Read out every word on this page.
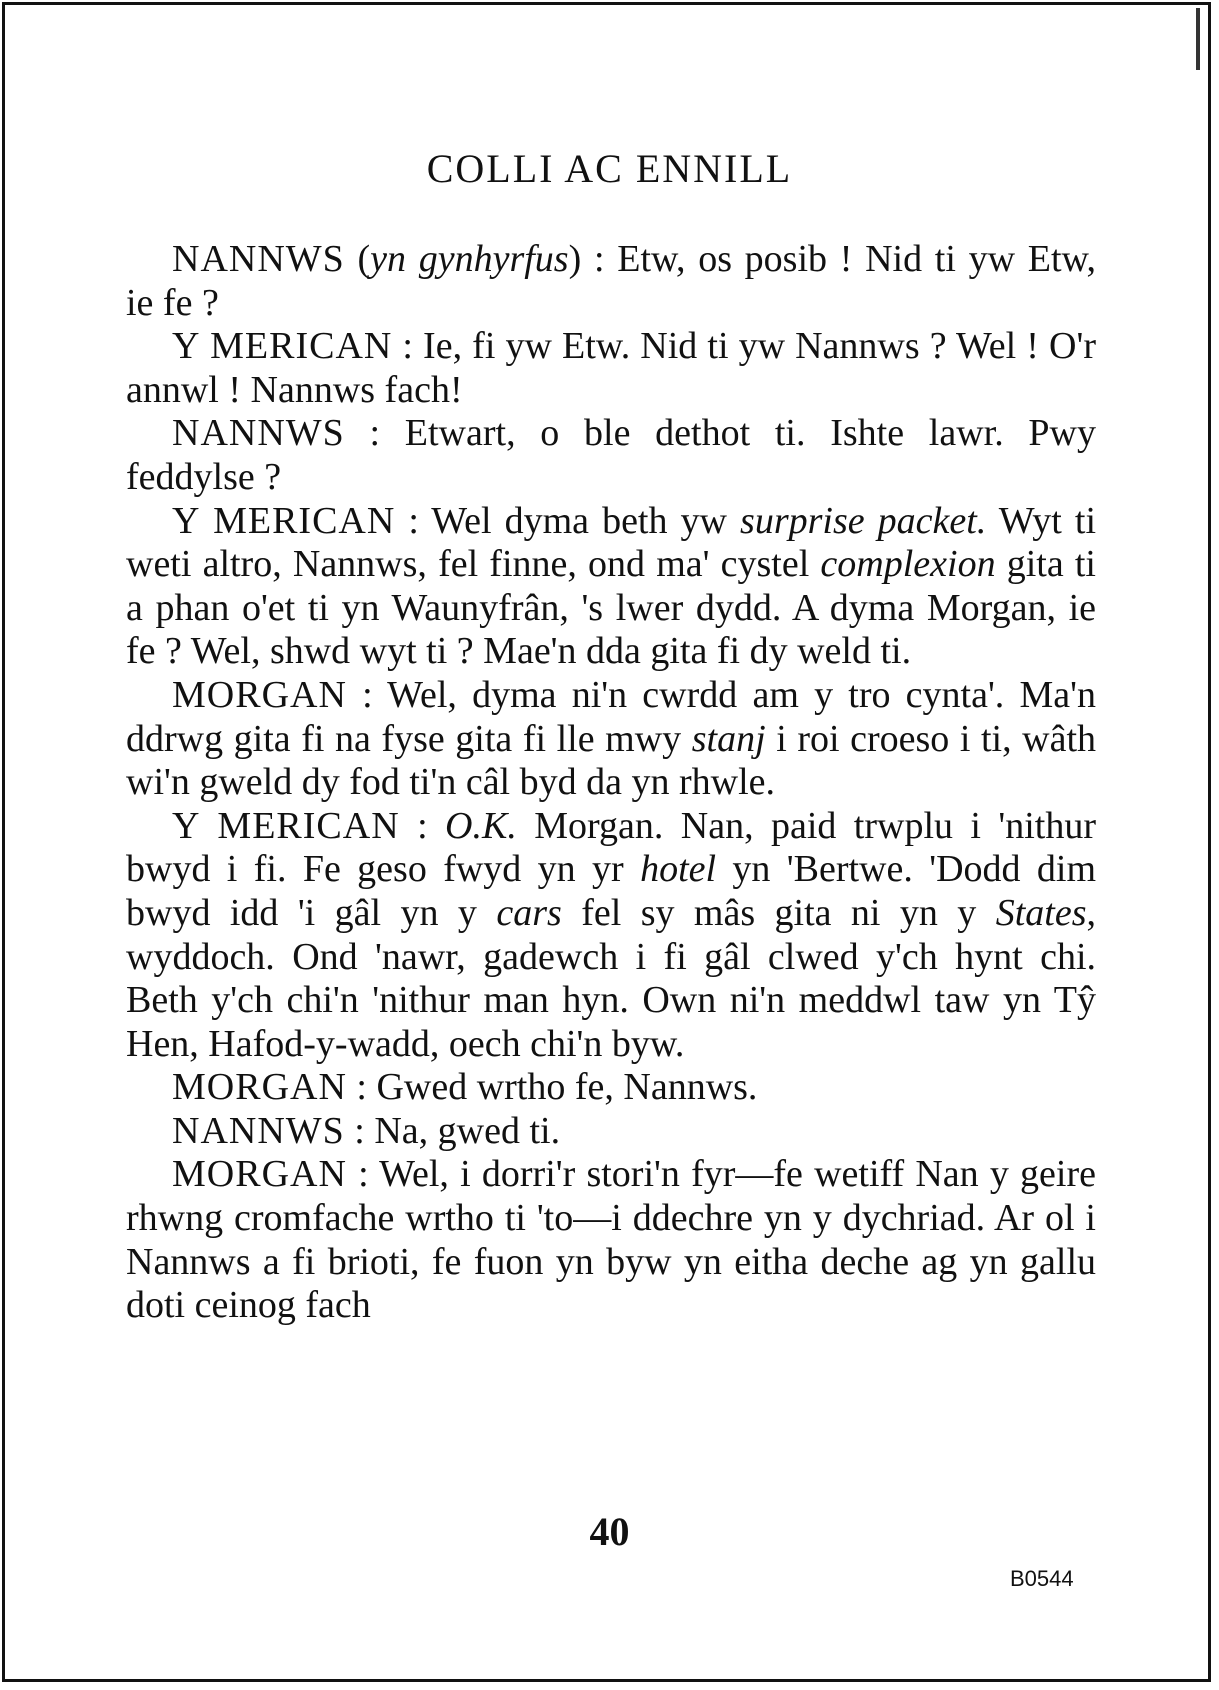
COLLI AC ENNILL

NANNWS (yn gynhyrfus) : Etw, os posib ! Nid ti yw Etw, ie fe ?

Y MERICAN : Ie, fi yw Etw. Nid ti yw Nannws ? Wel ! O'r annwl ! Nannws fach!

NANNWS : Etwart, o ble dethot ti. Ishte lawr. Pwy feddylse ?

Y MERICAN : Wel dyma beth yw surprise packet. Wyt ti weti altro, Nannws, fel finne, ond ma' cystel complexion gita ti a phan o'et ti yn Waunyfrân, 's lwer dydd. A dyma Morgan, ie fe ? Wel, shwd wyt ti ? Mae'n dda gita fi dy weld ti.

MORGAN : Wel, dyma ni'n cwrdd am y tro cynta'. Ma'n ddrwg gita fi na fyse gita fi lle mwy stanj i roi croeso i ti, wâth wi'n gweld dy fod ti'n câl byd da yn rhwle.

Y MERICAN : O.K. Morgan. Nan, paid trwplu i 'nithur bwyd i fi. Fe geso fwyd yn yr hotel yn 'Bertwe. 'Dodd dim bwyd idd 'i gâl yn y cars fel sy mâs gita ni yn y States, wyddoch. Ond 'nawr, gadewch i fi gâl clwed y'ch hynt chi. Beth y'ch chi'n 'nithur man hyn. Own ni'n meddwl taw yn Tŷ Hen, Hafod-y-wadd, oech chi'n byw.

MORGAN : Gwed wrtho fe, Nannws.

NANNWS : Na, gwed ti.

MORGAN : Wel, i dorri'r stori'n fyr—fe wetiff Nan y geire rhwng cromfache wrtho ti 'to—i ddechre yn y dychriad. Ar ol i Nannws a fi brioti, fe fuon yn byw yn eitha deche ag yn gallu doti ceinog fach

40
B0544
